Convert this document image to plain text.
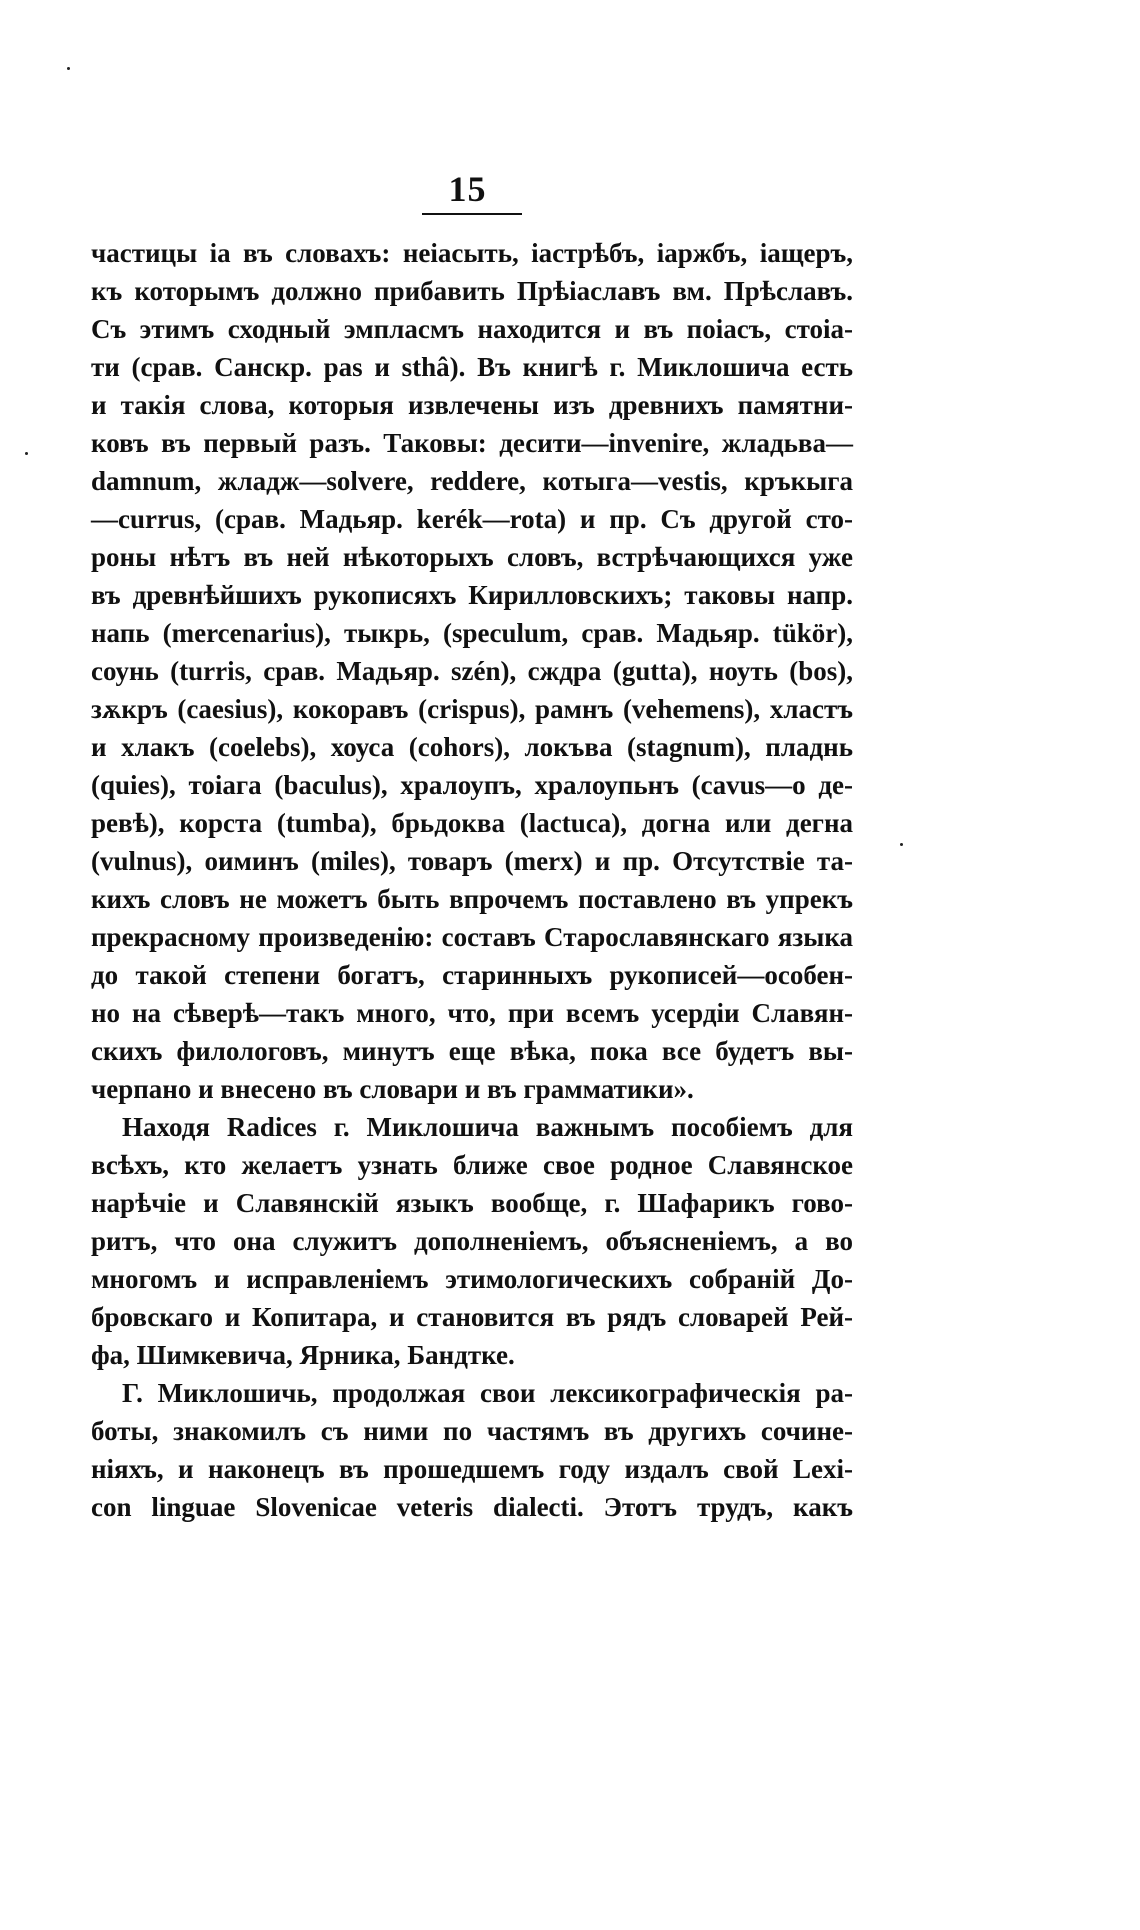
15
частицы ia въ словахъ: неiасыть, iастрѣбъ, iаржбъ, iащеръ,
къ которымъ должно прибавить Прѣiаславъ вм. Прѣславъ.
Съ этимъ сходный эмпласмъ находится и въ поiасъ, стоiа-
ти (срав. Санскр. pas и sthâ). Въ книгѣ г. Миклошича есть
и такія слова, которыя извлечены изъ древнихъ памятни-
ковъ въ первый разъ. Таковы: десити—invenire, жладьва—
damnum, жладж—solvere, reddere, котыга—vestis, кръкыга
—currus, (срав. Мадьяр. kerék—rota) и пр. Съ другой сто-
роны нѣтъ въ ней нѣкоторыхъ словъ, встрѣчающихся уже
въ древнѣйшихъ рукописяхъ Кирилловскихъ; таковы напр.
напь (mercenarius), тыкрь, (speculum, срав. Мадьяр. tükör),
соунь (turris, срав. Мадьяр. szén), сждра (gutta), ноуть (bos),
зѫкръ (caesius), кокоравъ (crispus), рамнъ (vehemens), хластъ
и хлакъ (coelebs), хоуса (cohors), локъва (stagnum), пладнь
(quies), тоiага (baculus), хралоупъ, хралоупьнъ (cavus—о де-
ревѣ), корста (tumba), брьдоква (lactuca), догна или дегна
(vulnus), оиминъ (miles), товаръ (merx) и пр. Отсутствіе та-
кихъ словъ не можетъ быть впрочемъ поставлено въ упрекъ
прекрасному произведенію: составъ Старославянскаго языка
до такой степени богатъ, старинныхъ рукописей—особен-
но на сѣверѣ—такъ много, что, при всемъ усердіи Славян-
скихъ филологовъ, минутъ еще вѣка, пока все будетъ вы-
черпано и внесено въ словари и въ грамматики».
Находя Radices г. Миклошича важнымъ пособіемъ для
всѣхъ, кто желаетъ узнать ближе свое родное Славянское
нарѣчіе и Славянскій языкъ вообще, г. Шафарикъ гово-
ритъ, что она служитъ дополненіемъ, объясненіемъ, а во
многомъ и исправленіемъ этимологическихъ собраній До-
бровскаго и Копитара, и становится въ рядъ словарей Рей-
фа, Шимкевича, Ярника, Бандтке.
Г. Миклошичь, продолжая свои лексикографическія ра-
боты, знакомилъ съ ними по частямъ въ другихъ сочине-
ніяхъ, и наконецъ въ прошедшемъ году издалъ свой Lexi-
con linguae Slovenicae veteris dialecti. Этотъ трудъ, какъ
